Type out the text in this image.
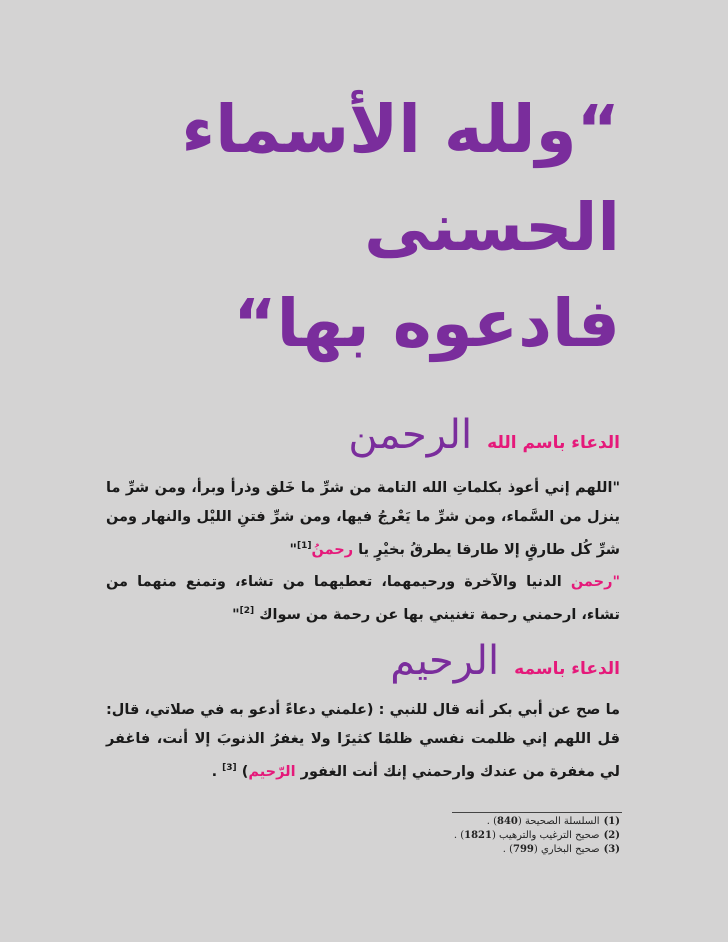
“ولله الأسماء
الحسنى
فادعوه بها“
الدعاء باسم الله الرحمن
"اللهم إني أعوذ بكلماتِ الله التامة من شرِّ ما خَلق وذرأ وبرأ، ومن شرِّ ما ينزل من السَّماء، ومن شرِّ ما يَعْرجُ فيها، ومن شرِّ فتنِ الليْل والنهار ومن شرِّ كُل طارقٍ إلا طارقا يطرقُ بخيْرٍ يا رحمنُ[1]"
"رحمن الدنيا والآخرة ورحيمهما، تعطيهما من تشاء، وتمنع منهما من تشاء، ارحمني رحمة تغنيني بها عن رحمة من سواك [2]"
الدعاء باسمه الرحيم
ما صح عن أبي بكر أنه قال للنبي : (علمني دعاءً أدعو به في صلاتي، قال: قل اللهم إني ظلمت نفسي ظلمًا كثيرًا ولا يغفرُ الذنوبَ إلا أنت، فاغفر لي مغفرة من عندك وارحمني إنك أنت الغفور الرّحيم) [3] .
(1)السلسلة الصحيحة (840) .
(2)صحيح الترغيب والترهيب (1821) .
(3)صحيح البخاري (799) .
